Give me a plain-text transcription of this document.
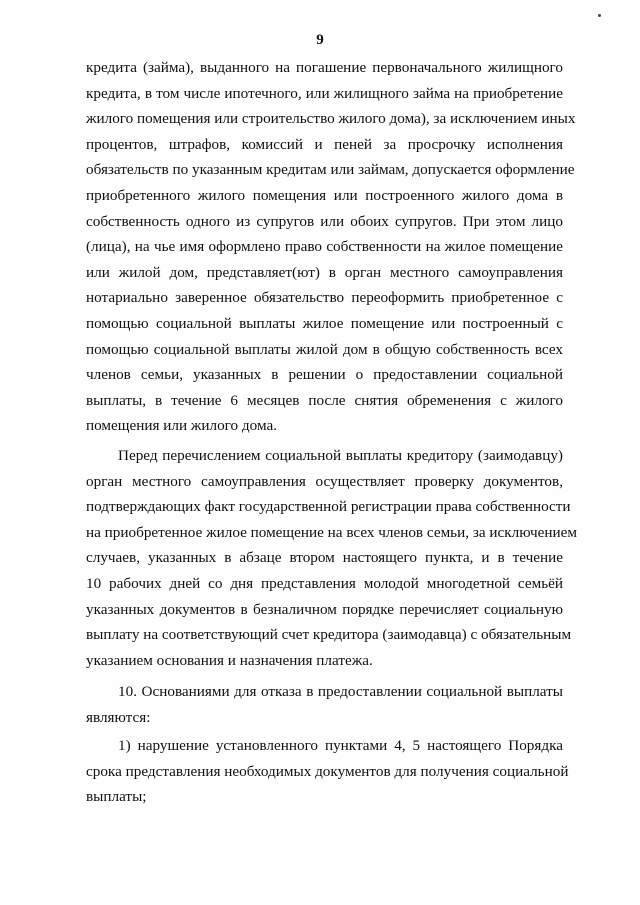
9
кредита (займа), выданного на погашение первоначального жилищного
кредита, в том числе ипотечного, или жилищного займа на приобретение
жилого помещения или строительство жилого дома), за исключением иных
процентов, штрафов, комиссий и пеней за просрочку исполнения
обязательств по указанным кредитам или займам, допускается оформление
приобретенного жилого помещения или построенного жилого дома в
собственность одного из супругов или обоих супругов. При этом лицо
(лица), на чье имя оформлено право собственности на жилое помещение
или жилой дом, представляет(ют) в орган местного самоуправления
нотариально заверенное обязательство переоформить приобретенное с
помощью социальной выплаты жилое помещение или построенный с
помощью социальной выплаты жилой дом в общую собственность всех
членов семьи, указанных в решении о предоставлении социальной
выплаты, в течение 6 месяцев после снятия обременения с жилого
помещения или жилого дома.
Перед перечислением социальной выплаты кредитору (заимодавцу)
орган местного самоуправления осуществляет проверку документов,
подтверждающих факт государственной регистрации права собственности
на приобретенное жилое помещение на всех членов семьи, за исключением
случаев, указанных в абзаце втором настоящего пункта, и в течение
10 рабочих дней со дня представления молодой многодетной семьёй
указанных документов в безналичном порядке перечисляет социальную
выплату на соответствующий счет кредитора (заимодавца) с обязательным
указанием основания и назначения платежа.
10. Основаниями для отказа в предоставлении социальной выплаты
являются:
1) нарушение установленного пунктами 4, 5 настоящего Порядка
срока представления необходимых документов для получения социальной
выплаты;
